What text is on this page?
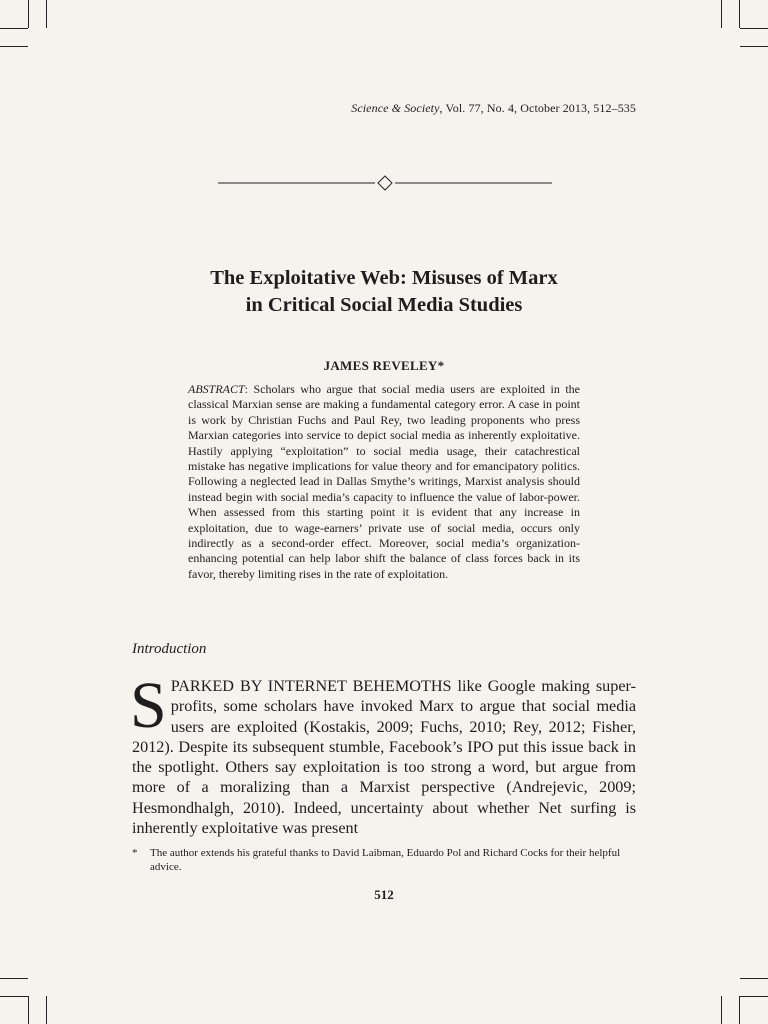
Science & Society, Vol. 77, No. 4, October 2013, 512–535
The Exploitative Web: Misuses of Marx
in Critical Social Media Studies
JAMES REVELEY*
ABSTRACT: Scholars who argue that social media users are exploited in the classical Marxian sense are making a fundamental category error. A case in point is work by Christian Fuchs and Paul Rey, two leading proponents who press Marxian categories into service to depict social media as inherently exploitative. Hastily applying “exploitation” to social media usage, their catachrestical mistake has negative implications for value theory and for emancipatory politics. Following a neglected lead in Dallas Smythe’s writings, Marxist analysis should instead begin with social media’s capacity to influence the value of labor-power. When assessed from this starting point it is evident that any increase in exploitation, due to wage-earners’ private use of social media, occurs only indirectly as a second-order effect. Moreover, social media’s organization-enhancing potential can help labor shift the balance of class forces back in its favor, thereby limiting rises in the rate of exploitation.
Introduction
SPARKED BY INTERNET BEHEMOTHS like Google making super-profits, some scholars have invoked Marx to argue that social media users are exploited (Kostakis, 2009; Fuchs, 2010; Rey, 2012; Fisher, 2012). Despite its subsequent stumble, Facebook’s IPO put this issue back in the spotlight. Others say exploitation is too strong a word, but argue from more of a moralizing than a Marxist perspective (Andrejevic, 2009; Hesmondhalgh, 2010). Indeed, uncertainty about whether Net surfing is inherently exploitative was present
* The author extends his grateful thanks to David Laibman, Eduardo Pol and Richard Cocks for their helpful advice.
512
